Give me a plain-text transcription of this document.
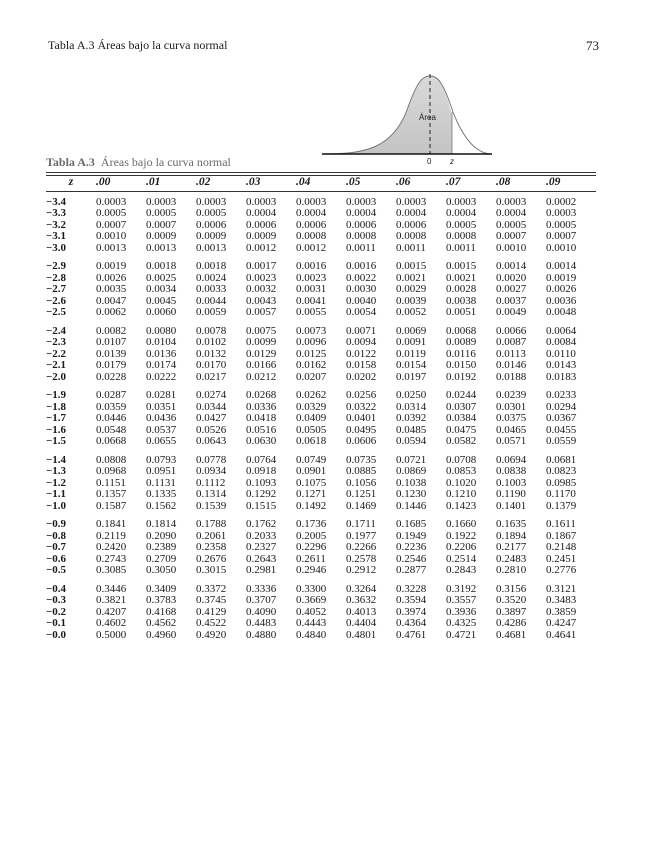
Tabla A.3 Áreas bajo la curva normal	73
Área
0 z
Tabla A.3 Áreas bajo la curva normal
z	.00	.01	.02	.03	.04	.05	.06	.07	.08	.09
−3.4	0.0003	0.0003	0.0003	0.0003	0.0003	0.0003	0.0003	0.0003	0.0003	0.0002
−3.3	0.0005	0.0005	0.0005	0.0004	0.0004	0.0004	0.0004	0.0004	0.0004	0.0003
−3.2	0.0007	0.0007	0.0006	0.0006	0.0006	0.0006	0.0006	0.0005	0.0005	0.0005
−3.1	0.0010	0.0009	0.0009	0.0009	0.0008	0.0008	0.0008	0.0008	0.0007	0.0007
−3.0	0.0013	0.0013	0.0013	0.0012	0.0012	0.0011	0.0011	0.0011	0.0010	0.0010
−2.9	0.0019	0.0018	0.0018	0.0017	0.0016	0.0016	0.0015	0.0015	0.0014	0.0014
−2.8	0.0026	0.0025	0.0024	0.0023	0.0023	0.0022	0.0021	0.0021	0.0020	0.0019
−2.7	0.0035	0.0034	0.0033	0.0032	0.0031	0.0030	0.0029	0.0028	0.0027	0.0026
−2.6	0.0047	0.0045	0.0044	0.0043	0.0041	0.0040	0.0039	0.0038	0.0037	0.0036
−2.5	0.0062	0.0060	0.0059	0.0057	0.0055	0.0054	0.0052	0.0051	0.0049	0.0048
−2.4	0.0082	0.0080	0.0078	0.0075	0.0073	0.0071	0.0069	0.0068	0.0066	0.0064
−2.3	0.0107	0.0104	0.0102	0.0099	0.0096	0.0094	0.0091	0.0089	0.0087	0.0084
−2.2	0.0139	0.0136	0.0132	0.0129	0.0125	0.0122	0.0119	0.0116	0.0113	0.0110
−2.1	0.0179	0.0174	0.0170	0.0166	0.0162	0.0158	0.0154	0.0150	0.0146	0.0143
−2.0	0.0228	0.0222	0.0217	0.0212	0.0207	0.0202	0.0197	0.0192	0.0188	0.0183
−1.9	0.0287	0.0281	0.0274	0.0268	0.0262	0.0256	0.0250	0.0244	0.0239	0.0233
−1.8	0.0359	0.0351	0.0344	0.0336	0.0329	0.0322	0.0314	0.0307	0.0301	0.0294
−1.7	0.0446	0.0436	0.0427	0.0418	0.0409	0.0401	0.0392	0.0384	0.0375	0.0367
−1.6	0.0548	0.0537	0.0526	0.0516	0.0505	0.0495	0.0485	0.0475	0.0465	0.0455
−1.5	0.0668	0.0655	0.0643	0.0630	0.0618	0.0606	0.0594	0.0582	0.0571	0.0559
−1.4	0.0808	0.0793	0.0778	0.0764	0.0749	0.0735	0.0721	0.0708	0.0694	0.0681
−1.3	0.0968	0.0951	0.0934	0.0918	0.0901	0.0885	0.0869	0.0853	0.0838	0.0823
−1.2	0.1151	0.1131	0.1112	0.1093	0.1075	0.1056	0.1038	0.1020	0.1003	0.0985
−1.1	0.1357	0.1335	0.1314	0.1292	0.1271	0.1251	0.1230	0.1210	0.1190	0.1170
−1.0	0.1587	0.1562	0.1539	0.1515	0.1492	0.1469	0.1446	0.1423	0.1401	0.1379
−0.9	0.1841	0.1814	0.1788	0.1762	0.1736	0.1711	0.1685	0.1660	0.1635	0.1611
−0.8	0.2119	0.2090	0.2061	0.2033	0.2005	0.1977	0.1949	0.1922	0.1894	0.1867
−0.7	0.2420	0.2389	0.2358	0.2327	0.2296	0.2266	0.2236	0.2206	0.2177	0.2148
−0.6	0.2743	0.2709	0.2676	0.2643	0.2611	0.2578	0.2546	0.2514	0.2483	0.2451
−0.5	0.3085	0.3050	0.3015	0.2981	0.2946	0.2912	0.2877	0.2843	0.2810	0.2776
−0.4	0.3446	0.3409	0.3372	0.3336	0.3300	0.3264	0.3228	0.3192	0.3156	0.3121
−0.3	0.3821	0.3783	0.3745	0.3707	0.3669	0.3632	0.3594	0.3557	0.3520	0.3483
−0.2	0.4207	0.4168	0.4129	0.4090	0.4052	0.4013	0.3974	0.3936	0.3897	0.3859
−0.1	0.4602	0.4562	0.4522	0.4483	0.4443	0.4404	0.4364	0.4325	0.4286	0.4247
−0.0	0.5000	0.4960	0.4920	0.4880	0.4840	0.4801	0.4761	0.4721	0.4681	0.4641
